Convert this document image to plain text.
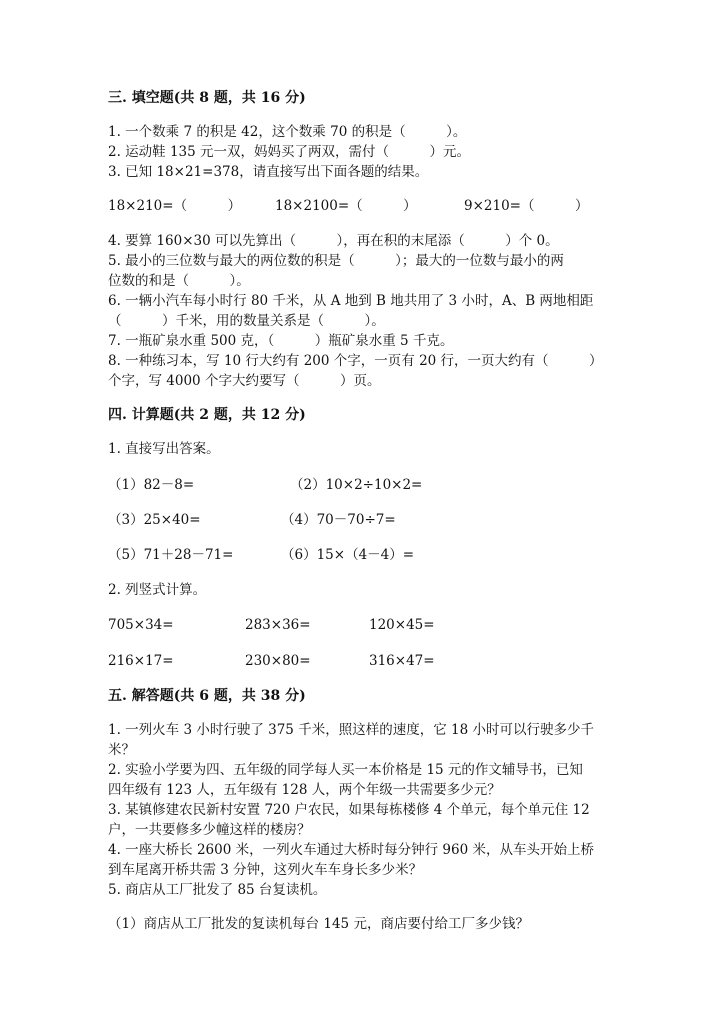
三. 填空题(共 8 题，共 16 分)
1. 一个数乘 7 的积是 42，这个数乘 70 的积是（　　　）。
2. 运动鞋 135 元一双，妈妈买了两双，需付（　　　）元。
3. 已知 18×21=378，请直接写出下面各题的结果。
18×210=（　　　）	18×2100=（　　　）	9×210=（　　　）
4. 要算 160×30 可以先算出（　　　），再在积的末尾添（　　　）个 0。
5. 最小的三位数与最大的两位数的积是（　　　）；最大的一位数与最小的两
位数的和是（　　　）。
6. 一辆小汽车每小时行 80 千米，从 A 地到 B 地共用了 3 小时，A、B 两地相距
（　　　）千米，用的数量关系是（　　　）。
7. 一瓶矿泉水重 500 克，（　　　）瓶矿泉水重 5 千克。
8. 一种练习本，写 10 行大约有 200 个字，一页有 20 行，一页大约有（　　　）
个字，写 4000 个字大约要写（　　　）页。
四. 计算题(共 2 题，共 12 分)
1. 直接写出答案。
（1）82－8=	（2）10×2÷10×2=
（3）25×40=	（4）70－70÷7=
（5）71＋28－71=	（6）15×（4－4）=
2. 列竖式计算。
705×34=	283×36=	120×45=
216×17=	230×80=	316×47=
五. 解答题(共 6 题，共 38 分)
1. 一列火车 3 小时行驶了 375 千米，照这样的速度，它 18 小时可以行驶多少千
米？
2. 实验小学要为四、五年级的同学每人买一本价格是 15 元的作文辅导书，已知
四年级有 123 人，五年级有 128 人，两个年级一共需要多少元？
3. 某镇修建农民新村安置 720 户农民，如果每栋楼修 4 个单元，每个单元住 12
户，一共要修多少幢这样的楼房？
4. 一座大桥长 2600 米，一列火车通过大桥时每分钟行 960 米，从车头开始上桥
到车尾离开桥共需 3 分钟，这列火车车身长多少米？
5. 商店从工厂批发了 85 台复读机。
（1）商店从工厂批发的复读机每台 145 元，商店要付给工厂多少钱？
